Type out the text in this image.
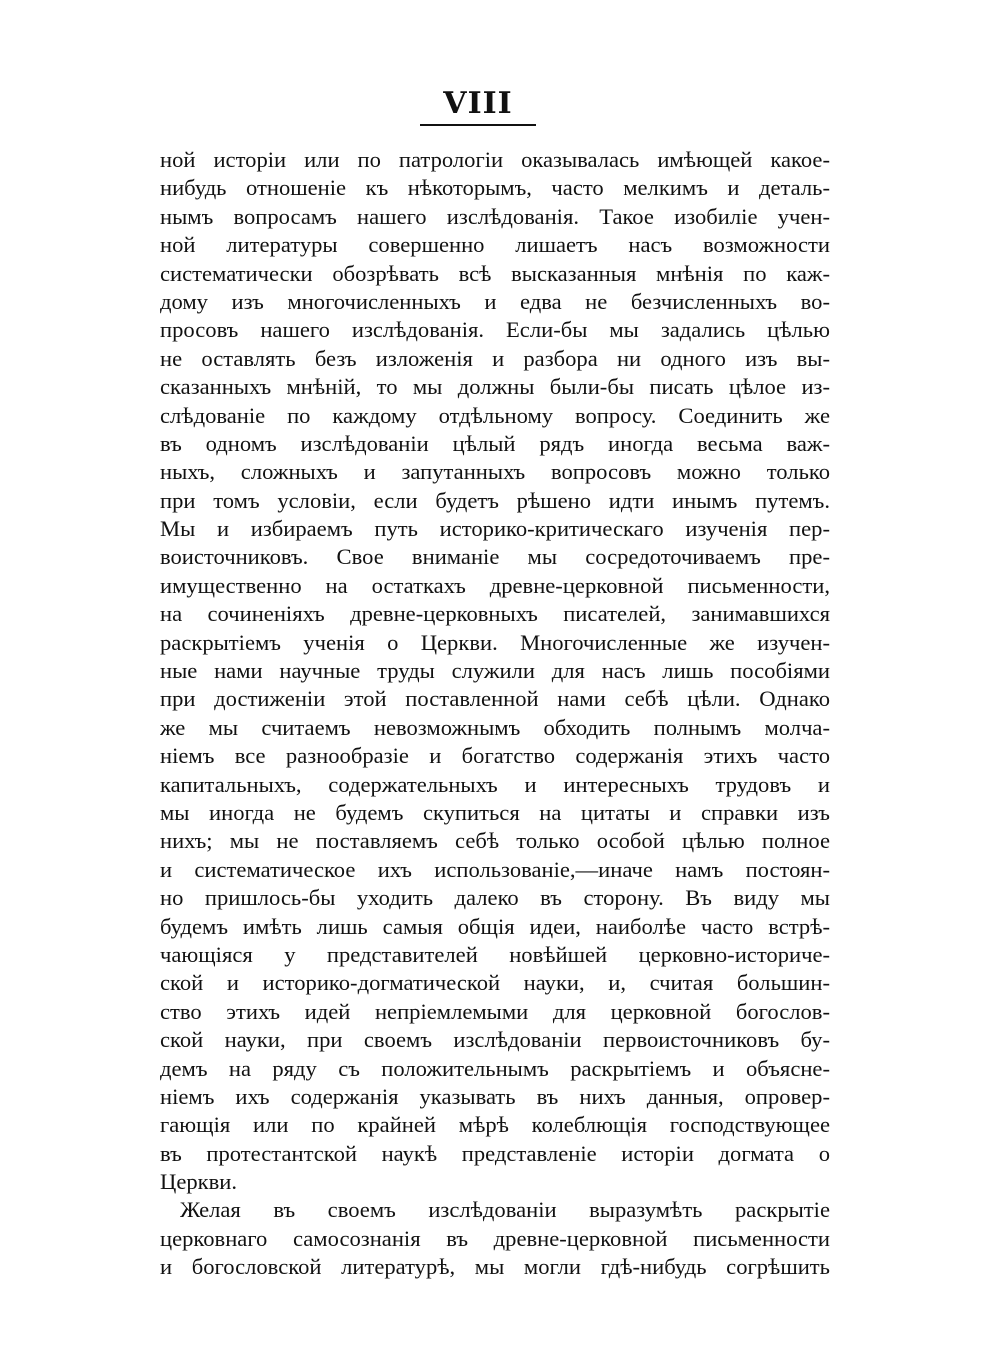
VIII
ной исторіи или по патрологіи оказывалась имѣющей какое-
нибудь отношеніе къ нѣкоторымъ, часто мелкимъ и деталь-
нымъ вопросамъ нашего изслѣдованія. Такое изобиліе учен-
ной литературы совершенно лишаетъ насъ возможности
систематически обозрѣвать всѣ высказанныя мнѣнія по каж-
дому изъ многочисленныхъ и едва не безчисленныхъ во-
просовъ нашего изслѣдованія. Если-бы мы задались цѣлью
не оставлять безъ изложенія и разбора ни одного изъ вы-
сказанныхъ мнѣній, то мы должны были-бы писать цѣлое из-
слѣдованіе по каждому отдѣльному вопросу. Соединить же
въ одномъ изслѣдованіи цѣлый рядъ иногда весьма важ-
ныхъ, сложныхъ и запутанныхъ вопросовъ можно только
при томъ условіи, если будетъ рѣшено идти инымъ путемъ.
Мы и избираемъ путь историко-критическаго изученія пер-
воисточниковъ. Свое вниманіе мы сосредоточиваемъ пре-
имущественно на остаткахъ древне-церковной письменности,
на сочиненіяхъ древне-церковныхъ писателей, занимавшихся
раскрытіемъ ученія о Церкви. Многочисленные же изучен-
ные нами научные труды служили для насъ лишь пособіями
при достиженіи этой поставленной нами себѣ цѣли. Однако
же мы считаемъ невозможнымъ обходить полнымъ молча-
ніемъ все разнообразіе и богатство содержанія этихъ часто
капитальныхъ, содержательныхъ и интересныхъ трудовъ и
мы иногда не будемъ скупиться на цитаты и справки изъ
нихъ; мы не поставляемъ себѣ только особой цѣлью полное
и систематическое ихъ использованіе,—иначе намъ постоян-
но пришлось-бы уходить далеко въ сторону. Въ виду мы
будемъ имѣть лишь самыя общія идеи, наиболѣе часто встрѣ-
чающіяся у представителей новѣйшей церковно-историче-
ской и историко-догматической науки, и, считая большин-
ство этихъ идей непріемлемыми для церковной богослов-
ской науки, при своемъ изслѣдованіи первоисточниковъ бу-
демъ на ряду съ положительнымъ раскрытіемъ и объясне-
ніемъ ихъ содержанія указывать въ нихъ данныя, опровер-
гающія или по крайней мѣрѣ колеблющія господствующее
въ протестантской наукѣ представленіе исторіи догмата о
Церкви.
Желая въ своемъ изслѣдованіи выразумѣть раскрытіе
церковнаго самосознанія въ древне-церковной письменности
и богословской литературѣ, мы могли гдѣ-нибудь согрѣшить
